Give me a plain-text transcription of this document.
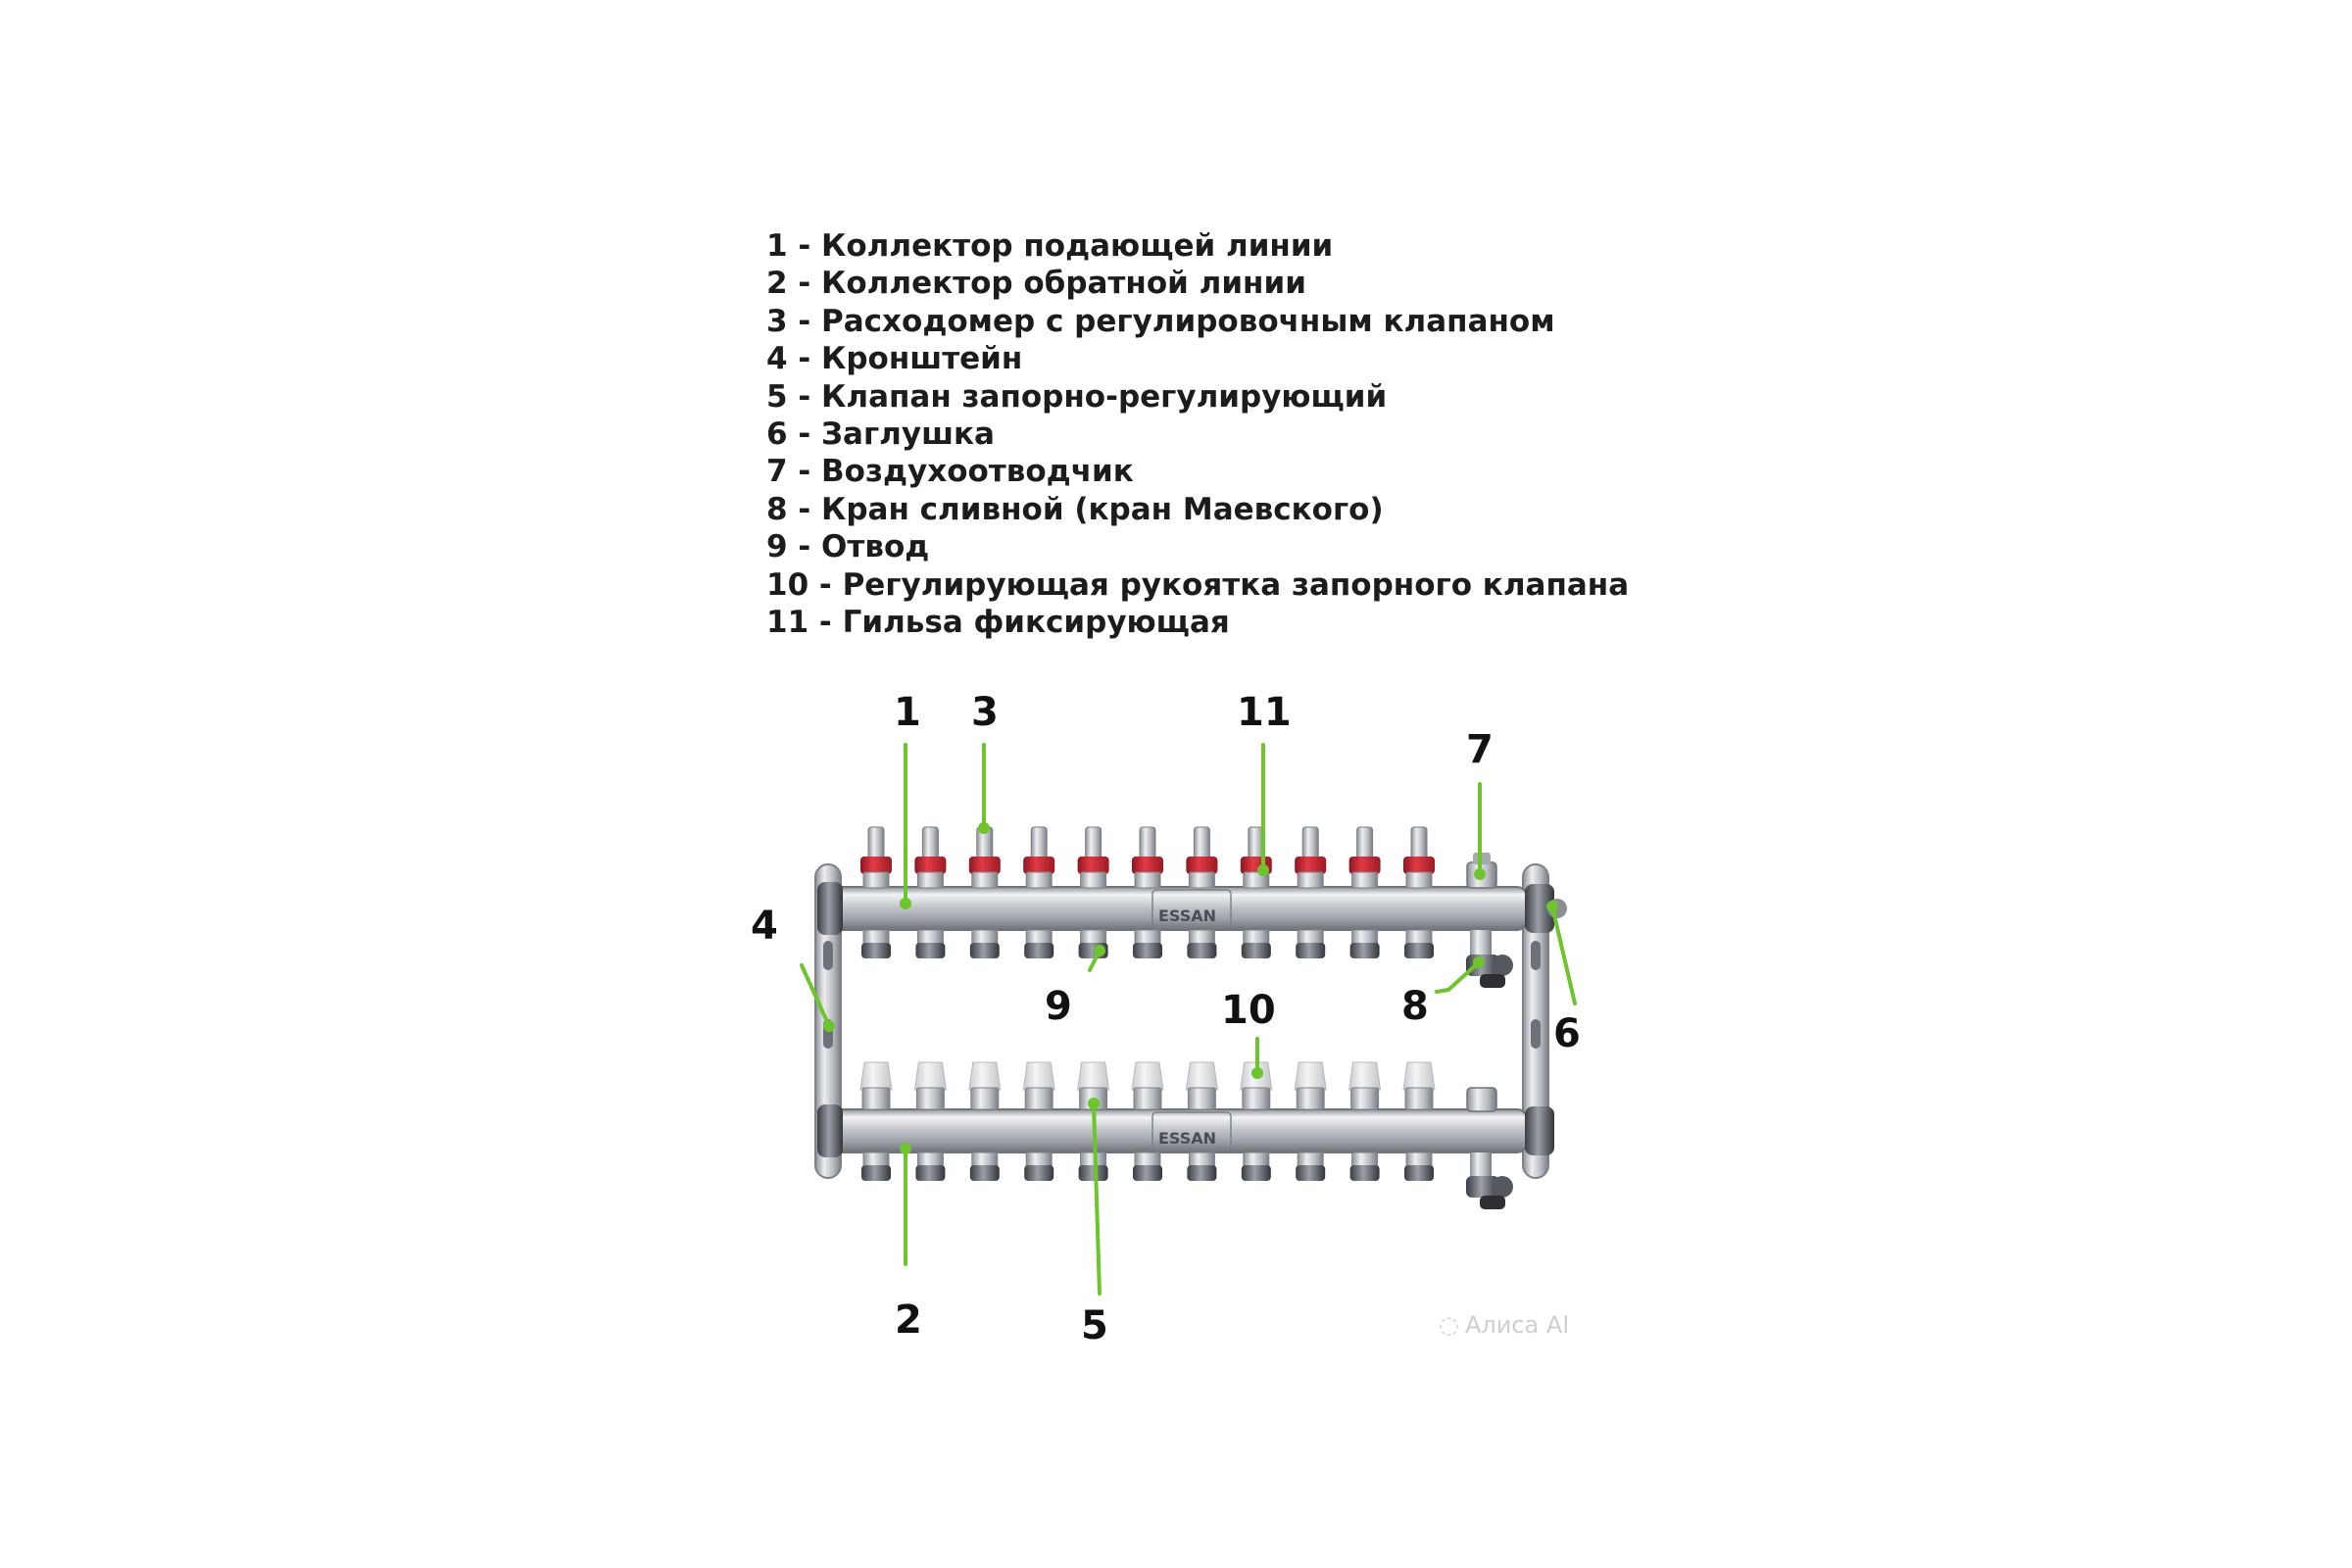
1 - Коллектор подающей линии
2 - Коллектор обратной линии
3 - Расходомер с регулировочным клапаном
4 - Кронштейн
5 - Клапан запорно-регулирующий
6 - Заглушка
7 - Воздухоотводчик
8 - Кран сливной (кран Маевского)
9 - Отвод
10 - Регулирующая рукоятка запорного клапана
11 - Гильsа фиксирующая
ESSAN
ESSAN
1
2
3
4
5
6
7
8
9	10
11
◌ Алиса AI
